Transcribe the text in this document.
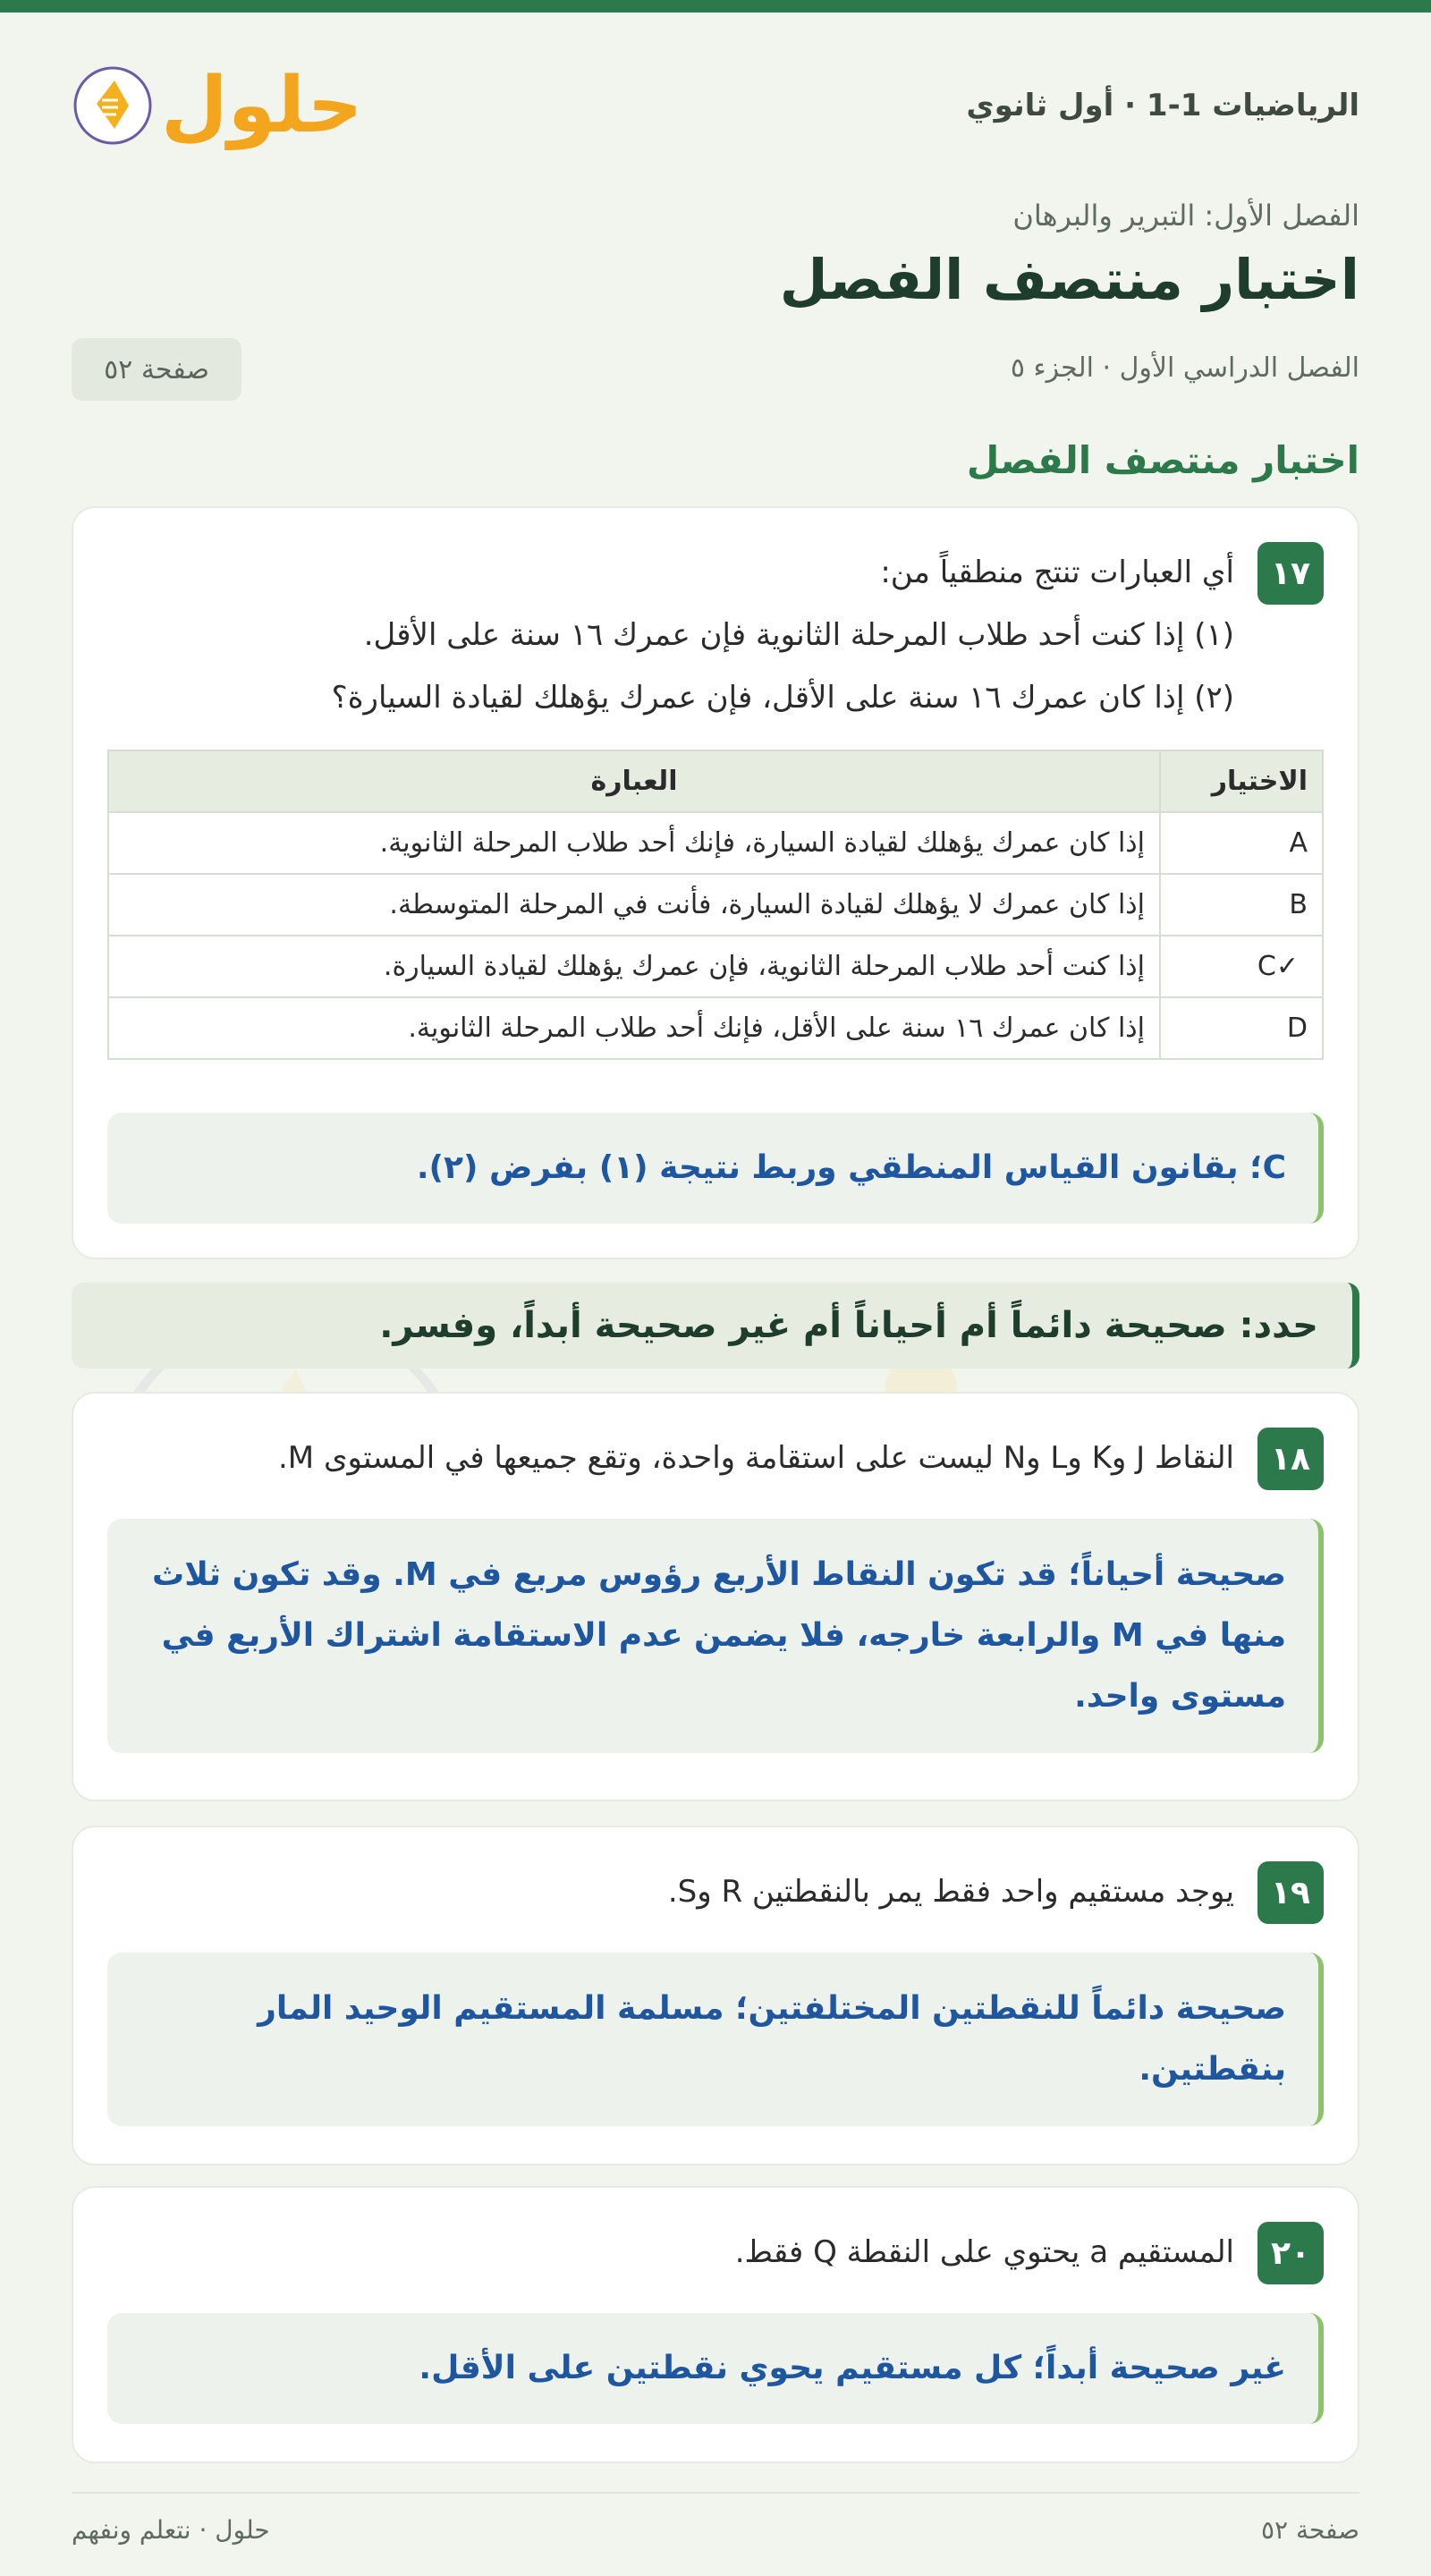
الرياضيات 1-1 · أول ثانوي
حلول
الفصل الأول: التبرير والبرهان
اختبار منتصف الفصل
الفصل الدراسي الأول · الجزء ٥
صفحة ٥٢
اختبار منتصف الفصل
١٧
أي العبارات تنتج منطقياً من:
(١) إذا كنت أحد طلاب المرحلة الثانوية فإن عمرك ١٦ سنة على الأقل.
(٢) إذا كان عمرك ١٦ سنة على الأقل، فإن عمرك يؤهلك لقيادة السيارة؟
الاختيار	العبارة
A	إذا كان عمرك يؤهلك لقيادة السيارة، فإنك أحد طلاب المرحلة الثانوية.
B	إذا كان عمرك لا يؤهلك لقيادة السيارة، فأنت في المرحلة المتوسطة.
C✓	إذا كنت أحد طلاب المرحلة الثانوية، فإن عمرك يؤهلك لقيادة السيارة.
D	إذا كان عمرك ١٦ سنة على الأقل، فإنك أحد طلاب المرحلة الثانوية.
C؛ بقانون القياس المنطقي وربط نتيجة (١) بفرض (٢).
حدد: صحيحة دائماً أم أحياناً أم غير صحيحة أبداً، وفسر.
١٨
النقاط J وK وL وN ليست على استقامة واحدة، وتقع جميعها في المستوى M.
صحيحة أحياناً؛ قد تكون النقاط الأربع رؤوس مربع في M. وقد تكون ثلاث
منها في M والرابعة خارجه، فلا يضمن عدم الاستقامة اشتراك الأربع في
مستوى واحد.
١٩
يوجد مستقيم واحد فقط يمر بالنقطتين R وS.
صحيحة دائماً للنقطتين المختلفتين؛ مسلمة المستقيم الوحيد المار
بنقطتين.
٢٠
المستقيم a يحتوي على النقطة Q فقط.
غير صحيحة أبداً؛ كل مستقيم يحوي نقطتين على الأقل.
صفحة ٥٢
حلول · نتعلم ونفهم
